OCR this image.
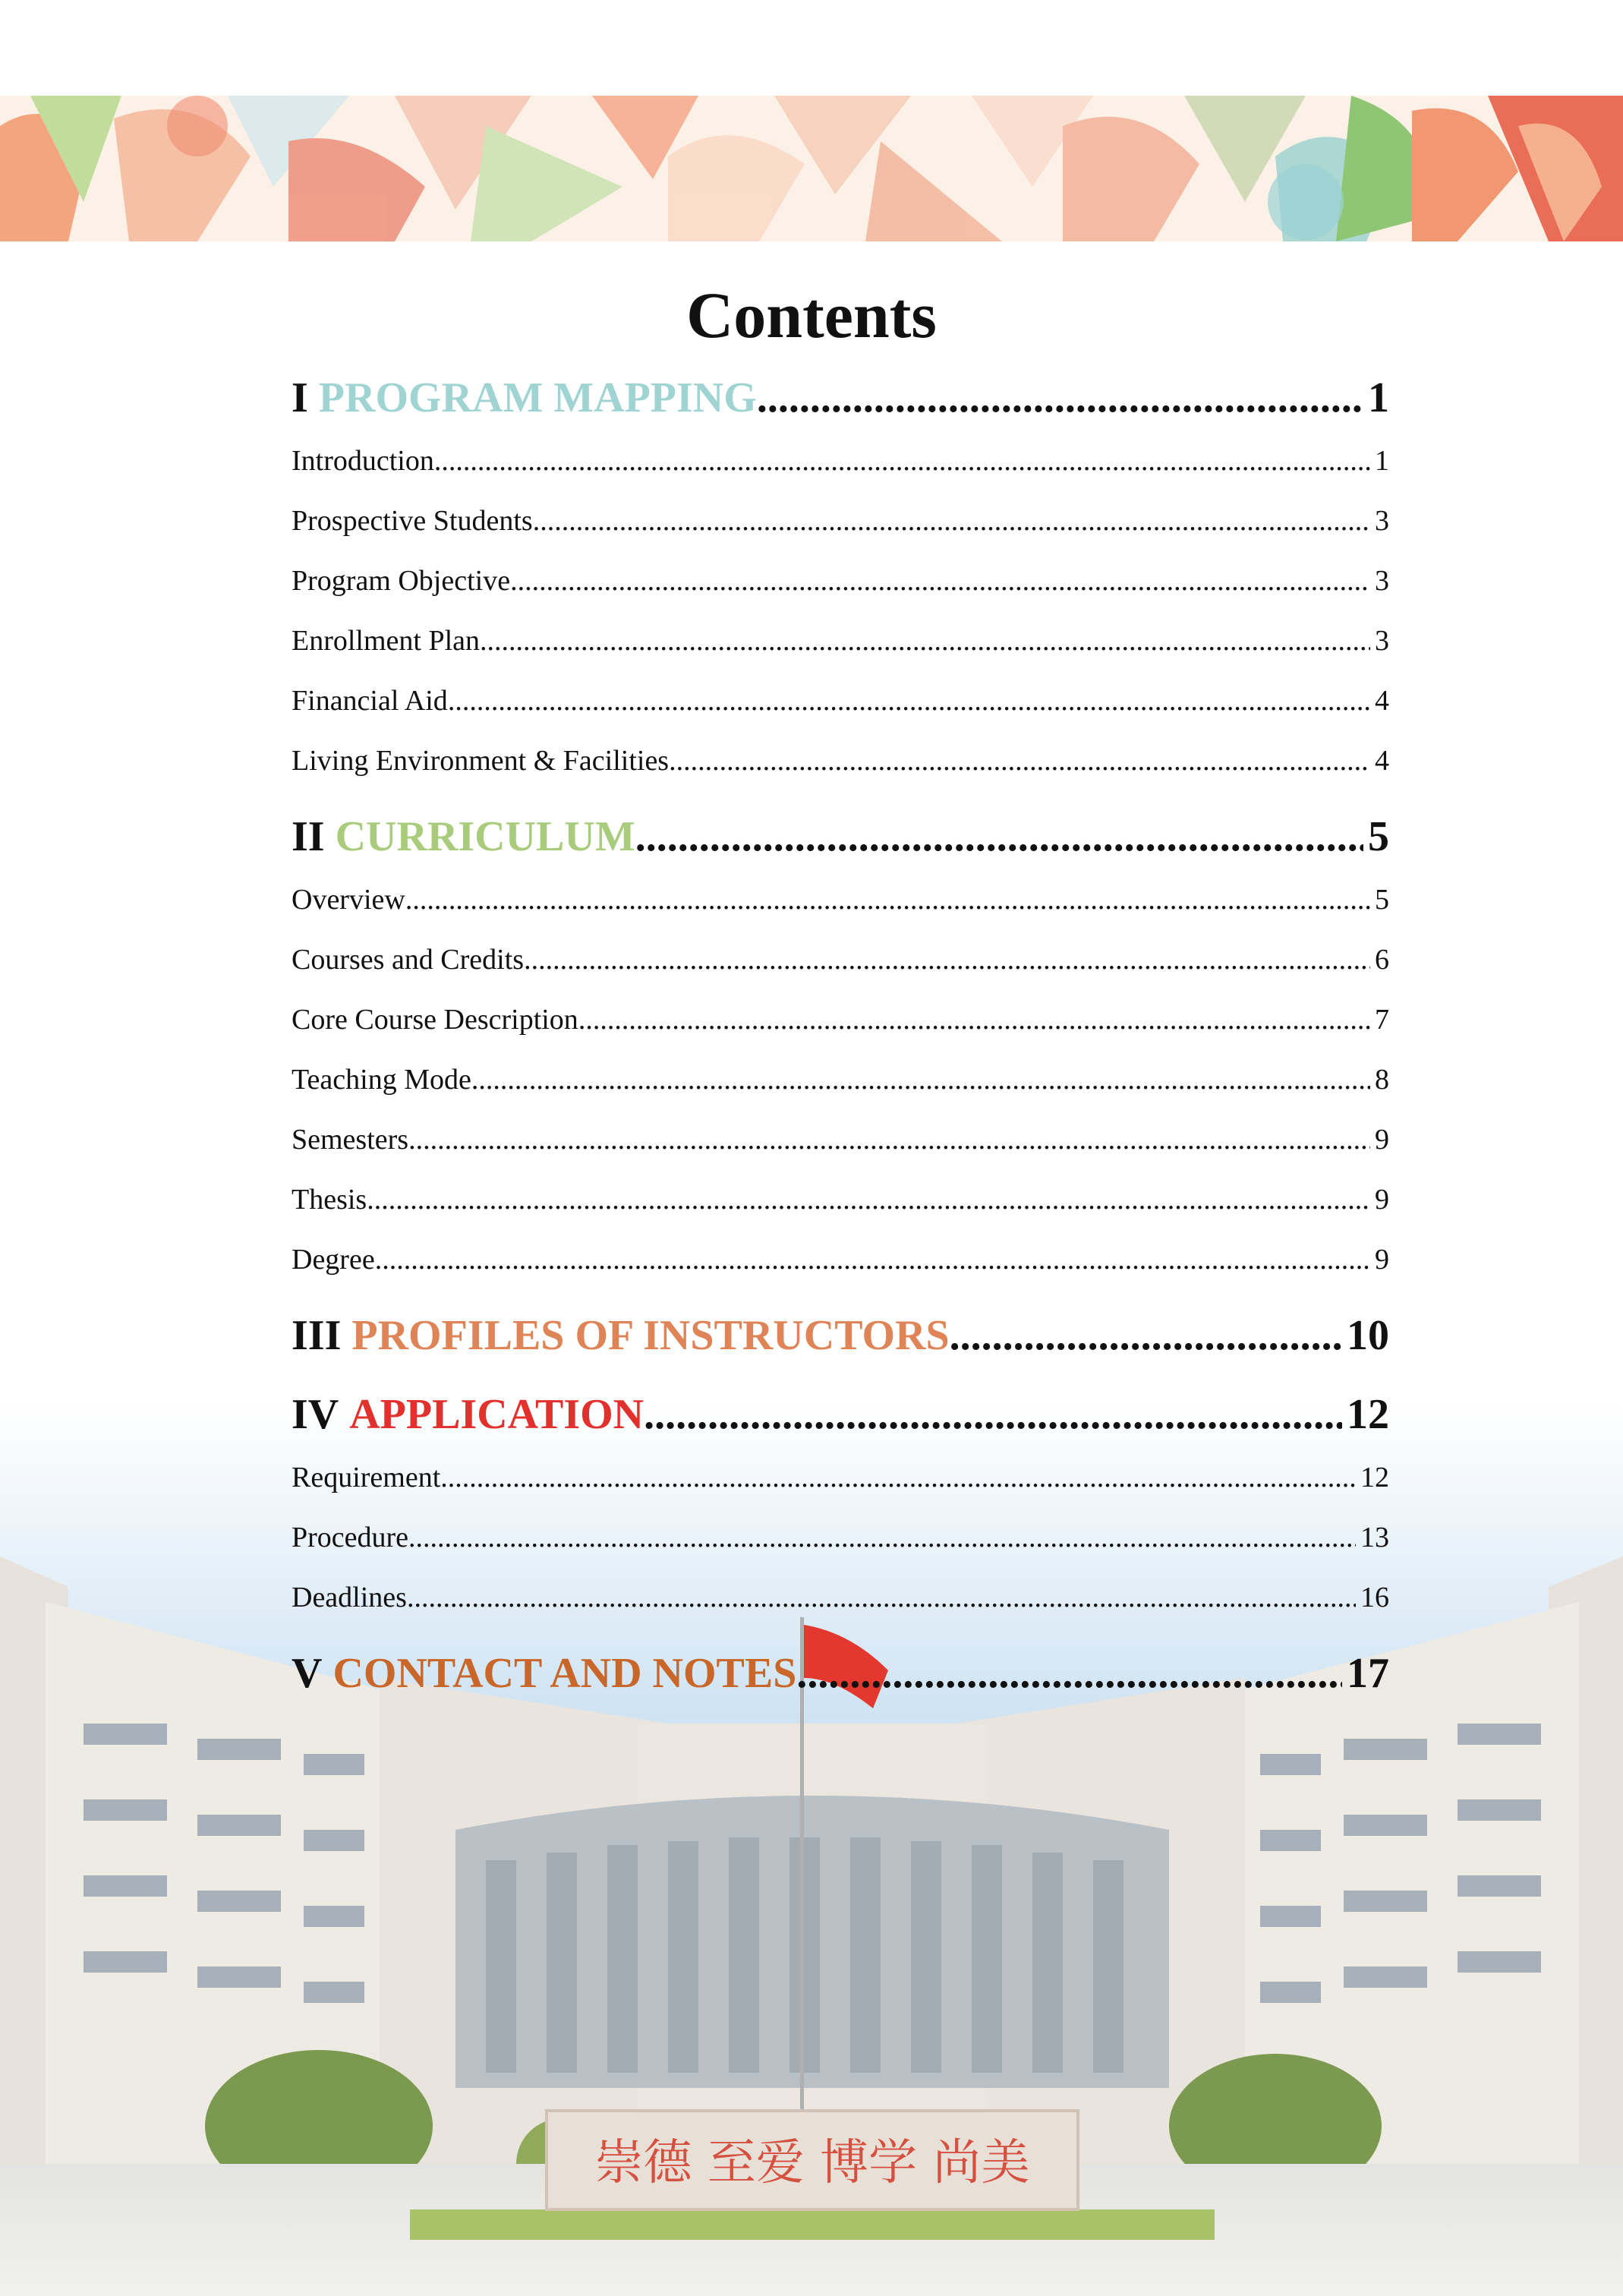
崇德 至爱 博学 尚美
Contents
I PROGRAM MAPPING .....	1
Introduction .....	1
Prospective Students .....	3
Program Objective .....	3
Enrollment Plan .....	3
Financial Aid .....	4
Living Environment & Facilities .....	4
II CURRICULUM .....	5
Overview .....	5
Courses and Credits .....	6
Core Course Description .....	7
Teaching Mode .....	8
Semesters .....	9
Thesis .....	9
Degree .....	9
III PROFILES OF INSTRUCTORS .....	10
IV APPLICATION .....	12
Requirement .....	12
Procedure .....	13
Deadlines .....	16
V CONTACT AND NOTES .....	17
